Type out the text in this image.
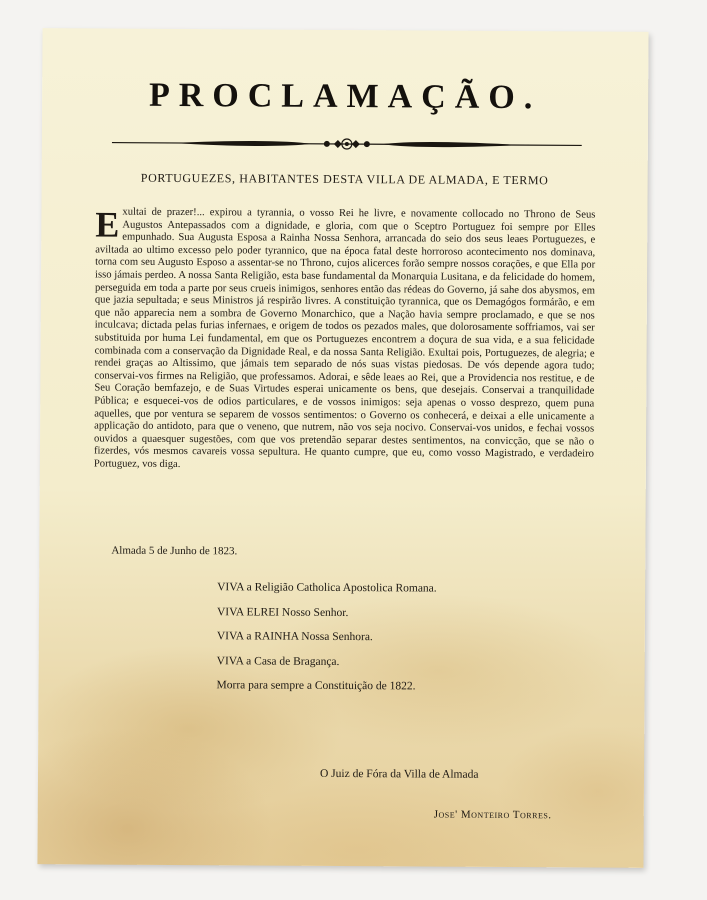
PROCLAMAÇÃO.
PORTUGUEZES, HABITANTES DESTA VILLA DE ALMADA, E TERMO
Exultai de prazer!... expirou a tyrannia, o vosso Rei he livre, e novamente collocado no Throno de Seus Augustos Antepassados com a dignidade, e gloria, com que o Sceptro Portuguez foi sempre por Elles empunhado. Sua Augusta Esposa a Rainha Nossa Senhora, arrancada do seio dos seus leaes Portuguezes, e aviltada ao ultimo excesso pelo poder tyrannico, que na época fatal deste horroroso acontecimento nos dominava, torna com seu Augusto Esposo a assentar-se no Throno, cujos alicerces forão sempre nossos corações, e que Ella por isso jámais perdeo. A nossa Santa Religião, esta base fundamental da Monarquia Lusitana, e da felicidade do homem, perseguida em toda a parte por seus crueis inimigos, senhores então das rédeas do Governo, já sahe dos abysmos, em que jazia sepultada; e seus Ministros já respirão livres. A constituição tyrannica, que os Demagógos formárão, e em que não apparecia nem a sombra de Governo Monarchico, que a Nação havia sempre proclamado, e que se nos inculcava; dictada pelas furias infernaes, e origem de todos os pezados males, que dolorosamente soffriamos, vai ser substituida por huma Lei fundamental, em que os Portuguezes encontrem a doçura de sua vida, e a sua felicidade combinada com a conservação da Dignidade Real, e da nossa Santa Religião. Exultai pois, Portuguezes, de alegria; e rendei graças ao Altissimo, que jámais tem separado de nós suas vistas piedosas. De vós depende agora tudo; conservai-vos firmes na Religião, que professamos. Adorai, e sêde leaes ao Rei, que a Providencia nos restitue, e de Seu Coração bemfazejo, e de Suas Virtudes esperai unicamente os bens, que desejais. Conservai a tranquilidade Pública; e esquecei-vos de odios particulares, e de vossos inimigos: seja apenas o vosso desprezo, quem puna aquelles, que por ventura se separem de vossos sentimentos: o Governo os conhecerá, e deixai a elle unicamente a applicação do antidoto, para que o veneno, que nutrem, não vos seja nocivo. Conservai-vos unidos, e fechai vossos ouvidos a quaesquer sugestões, com que vos pretendão separar destes sentimentos, na convicção, que se não o fizerdes, vós mesmos cavareis vossa sepultura. He quanto cumpre, que eu, como vosso Magistrado, e verdadeiro Portuguez, vos diga.
Almada 5 de Junho de 1823.
VIVA a Religião Catholica Apostolica Romana.
VIVA ELREI Nosso Senhor.
VIVA a RAINHA Nossa Senhora.
VIVA a Casa de Bragança.
Morra para sempre a Constituição de 1822.
O Juiz de Fóra da Villa de Almada
Jose' Monteiro Torres.
